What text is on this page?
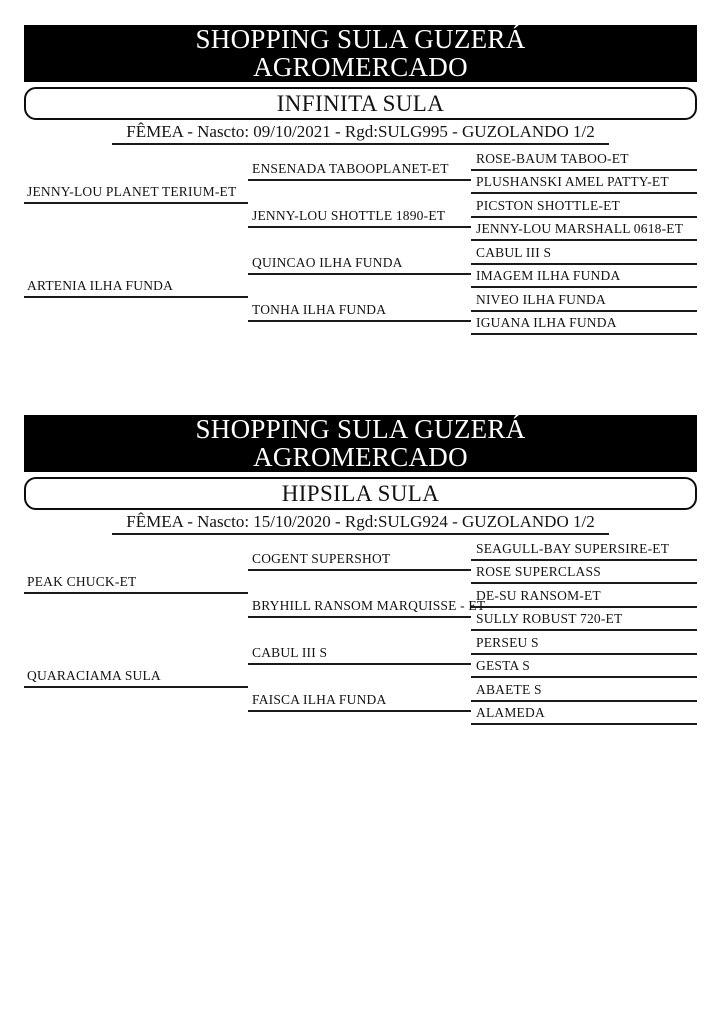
SHOPPING SULA GUZERÁ
AGROMERCADO
INFINITA SULA
FÊMEA - Nascto: 09/10/2021 - Rgd:SULG995 - GUZOLANDO 1/2
JENNY-LOU PLANET TERIUM-ET
ARTENIA ILHA FUNDA
ENSENADA TABOOPLANET-ET
JENNY-LOU SHOTTLE 1890-ET
QUINCAO ILHA FUNDA
TONHA ILHA FUNDA
ROSE-BAUM TABOO-ET
PLUSHANSKI AMEL PATTY-ET
PICSTON SHOTTLE-ET
JENNY-LOU MARSHALL 0618-ET
CABUL III S
IMAGEM ILHA FUNDA
NIVEO ILHA FUNDA
IGUANA ILHA FUNDA
SHOPPING SULA GUZERÁ
AGROMERCADO
HIPSILA SULA
FÊMEA - Nascto: 15/10/2020 - Rgd:SULG924 - GUZOLANDO 1/2
PEAK CHUCK-ET
QUARACIAMA SULA
COGENT SUPERSHOT
BRYHILL RANSOM MARQUISSE - ET
CABUL III S
FAISCA ILHA FUNDA
SEAGULL-BAY SUPERSIRE-ET
ROSE SUPERCLASS
DE-SU RANSOM-ET
SULLY ROBUST 720-ET
PERSEU S
GESTA S
ABAETE S
ALAMEDA
